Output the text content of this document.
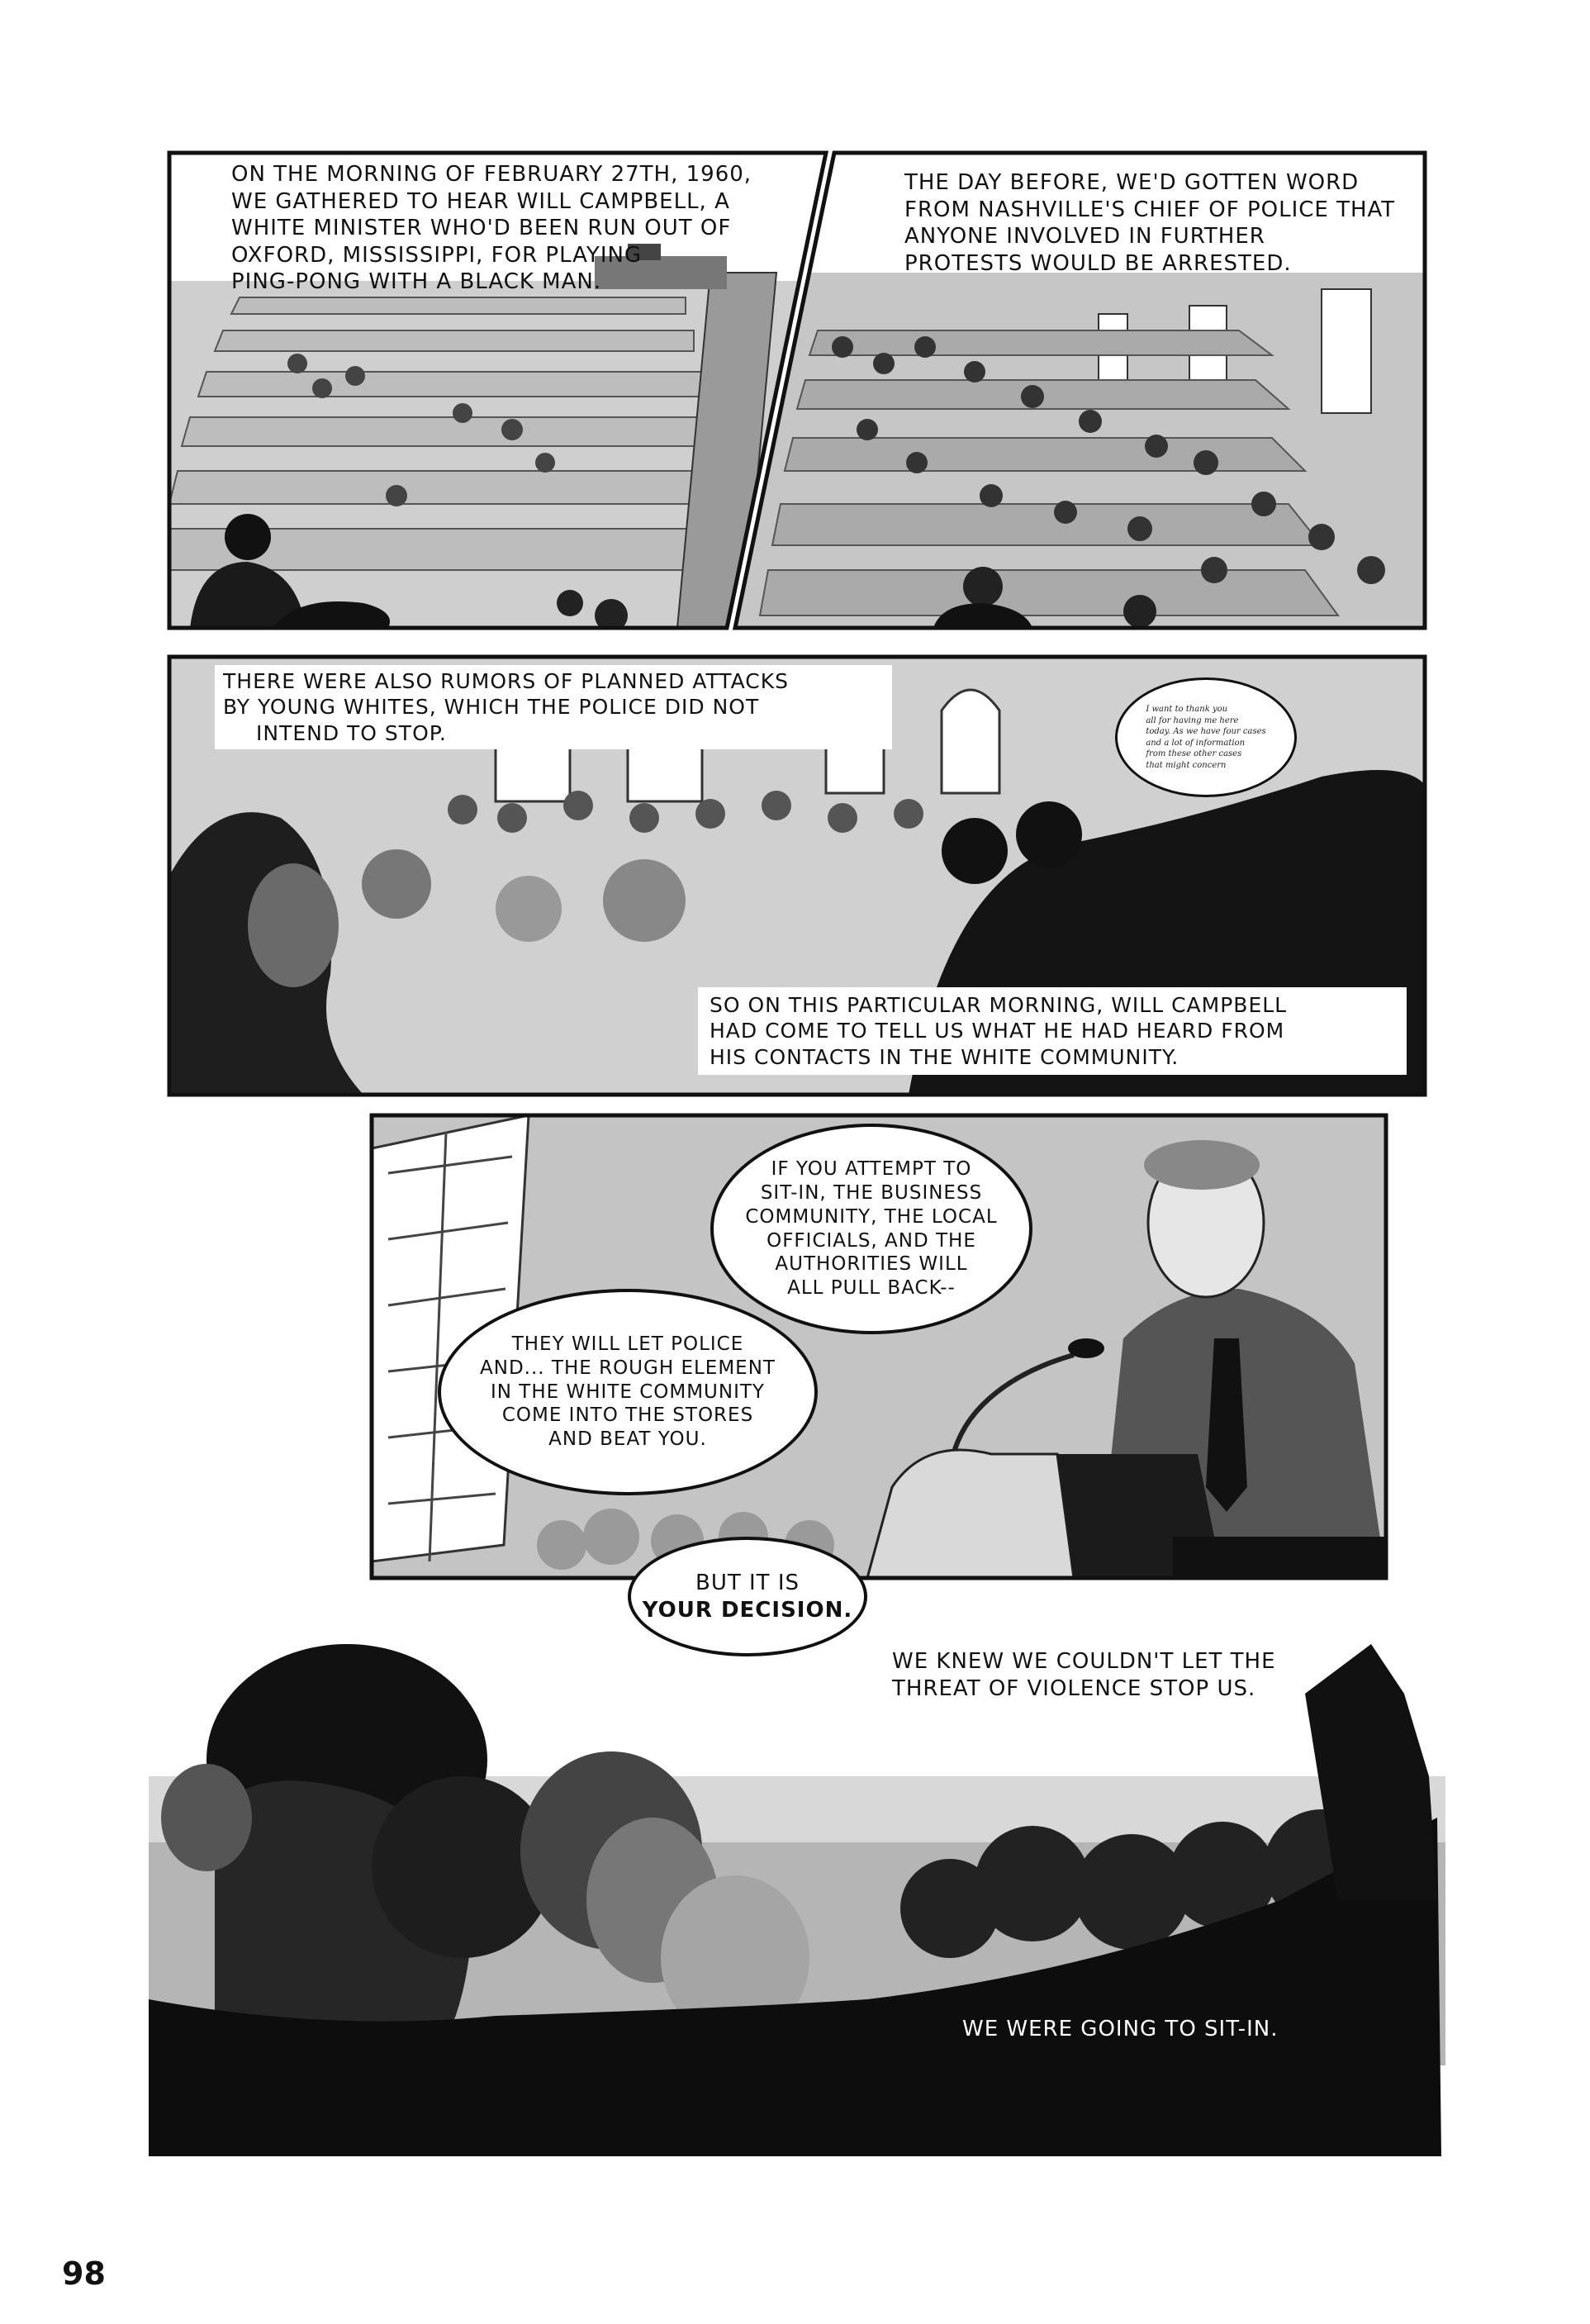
ON THE MORNING OF FEBRUARY 27TH, 1960,
WE GATHERED TO HEAR WILL CAMPBELL, A
WHITE MINISTER WHO'D BEEN RUN OUT OF
OXFORD, MISSISSIPPI, FOR PLAYING
PING-PONG WITH A BLACK MAN.
THE DAY BEFORE, WE'D GOTTEN WORD
FROM NASHVILLE'S CHIEF OF POLICE THAT
ANYONE INVOLVED IN FURTHER
PROTESTS WOULD BE ARRESTED.
THERE WERE ALSO RUMORS OF PLANNED ATTACKS
BY YOUNG WHITES, WHICH THE POLICE DID NOT
INTEND TO STOP.
I want to thank you
all for having me here
today. As we have four cases
and a lot of information
from these other cases
that might concern
SO ON THIS PARTICULAR MORNING, WILL CAMPBELL
HAD COME TO TELL US WHAT HE HAD HEARD FROM
HIS CONTACTS IN THE WHITE COMMUNITY.
IF YOU ATTEMPT TO
SIT-IN, THE BUSINESS
COMMUNITY, THE LOCAL
OFFICIALS, AND THE
AUTHORITIES WILL
ALL PULL BACK--
THEY WILL LET POLICE
AND... THE ROUGH ELEMENT
IN THE WHITE COMMUNITY
COME INTO THE STORES
AND BEAT YOU.
BUT IT IS
YOUR DECISION.
WE KNEW WE COULDN'T LET THE
THREAT OF VIOLENCE STOP US.
WE WERE GOING TO SIT-IN.
98
